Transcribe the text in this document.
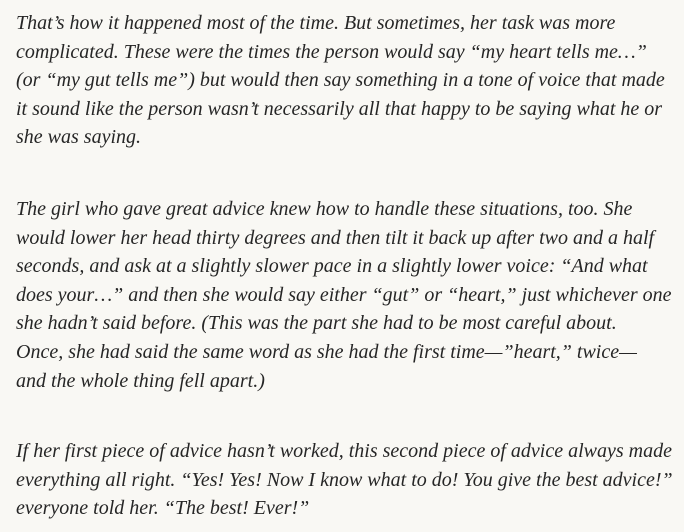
That’s how it happened most of the time. But sometimes, her task was more
complicated. These were the times the person would say “my heart tells me…”
(or “my gut tells me”) but would then say something in a tone of voice that made
it sound like the person wasn’t necessarily all that happy to be saying what he or
she was saying.

The girl who gave great advice knew how to handle these situations, too. She
would lower her head thirty degrees and then tilt it back up after two and a half
seconds, and ask at a slightly slower pace in a slightly lower voice: “And what
does your…” and then she would say either “gut” or “heart,” just whichever one
she hadn’t said before. (This was the part she had to be most careful about.
Once, she had said the same word as she had the first time—”heart,” twice—
and the whole thing fell apart.)

If her first piece of advice hasn’t worked, this second piece of advice always made
everything all right. “Yes! Yes! Now I know what to do! You give the best advice!”
everyone told her. “The best! Ever!”
